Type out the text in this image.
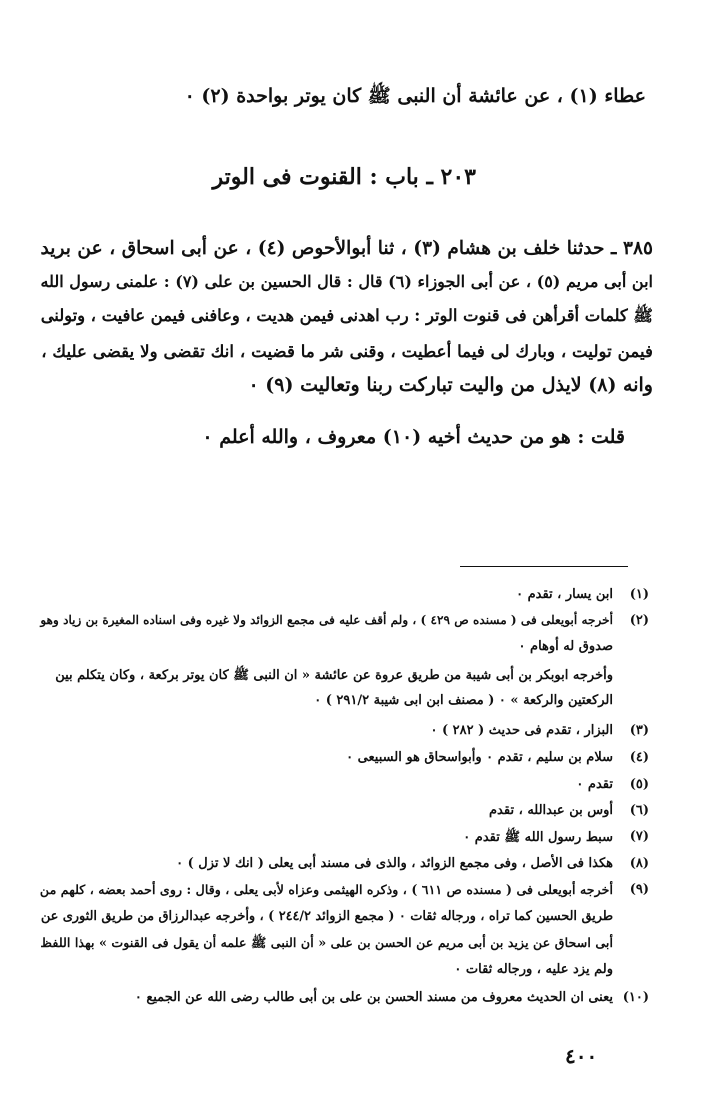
عطاء (١) ، عن عائشة أن النبى ﷺ كان يوتر بواحدة (٢) ٠
٢٠٣ ـ باب : القنوت فى الوتر
٣٨٥ ـ حدثنا خلف بن هشام (٣) ، ثنا أبوالأحوص (٤) ، عن أبى اسحاق ، عن بريد
ابن أبى مريم (٥) ، عن أبى الجوزاء (٦) قال : قال الحسين بن على (٧) : علمنى رسول الله
ﷺ كلمات أقرأهن فى قنوت الوتر : رب اهدنى فيمن هديت ، وعافنى فيمن عافيت ، وتولنى
فيمن توليت ، وبارك لى فيما أعطيت ، وقنى شر ما قضيت ، انك تقضى ولا يقضى عليك ،
وانه (٨) لايذل من واليت تباركت ربنا وتعاليت (٩) ٠
قلت : هو من حديث أخيه (١٠) معروف ، والله أعلم ٠
(١)
ابن يسار ، تقدم ٠
(٢)
أخرجه أبويعلى فى ( مسنده ص ٤٢٩ ) ، ولم أقف عليه فى مجمع الزوائد ولا غيره وفى اسناده المغيرة بن زياد وهو
صدوق له أوهام ٠
وأخرجه ابوبكر بن أبى شيبة من طريق عروة عن عائشة « ان النبى ﷺ كان يوتر بركعة ، وكان يتكلم بين
الركعتين والركعة » ٠ ( مصنف ابن ابى شيبة ٢٩١/٢ ) ٠
(٣)
البزار ، تقدم فى حديث ( ٢٨٢ ) ٠
(٤)
سلام بن سليم ، تقدم ٠ وأبواسحاق هو السبيعى ٠
(٥)
تقدم ٠
(٦)
أوس بن عبدالله ، تقدم
(٧)
سبط رسول الله ﷺ تقدم ٠
(٨)
هكذا فى الأصل ، وفى مجمع الزوائد ، والذى فى مسند أبى يعلى ( انك لا تزل ) ٠
(٩)
أخرجه أبويعلى فى ( مسنده ص ٦١١ ) ، وذكره الهيثمى وعزاه لأبى يعلى ، وقال : روى أحمد بعضه ، كلهم من
طريق الحسين كما تراه ، ورجاله ثقات ٠ ( مجمع الزوائد ٢٤٤/٢ ) ، وأخرجه عبدالرزاق من طريق الثورى عن
أبى اسحاق عن يزيد بن أبى مريم عن الحسن بن على « أن النبى ﷺ علمه أن يقول فى القنوت » بهذا اللفظ
ولم يزد عليه ، ورجاله ثقات ٠
(١٠)
يعنى ان الحديث معروف من مسند الحسن بن على بن أبى طالب رضى الله عن الجميع ٠
٤٠٠
